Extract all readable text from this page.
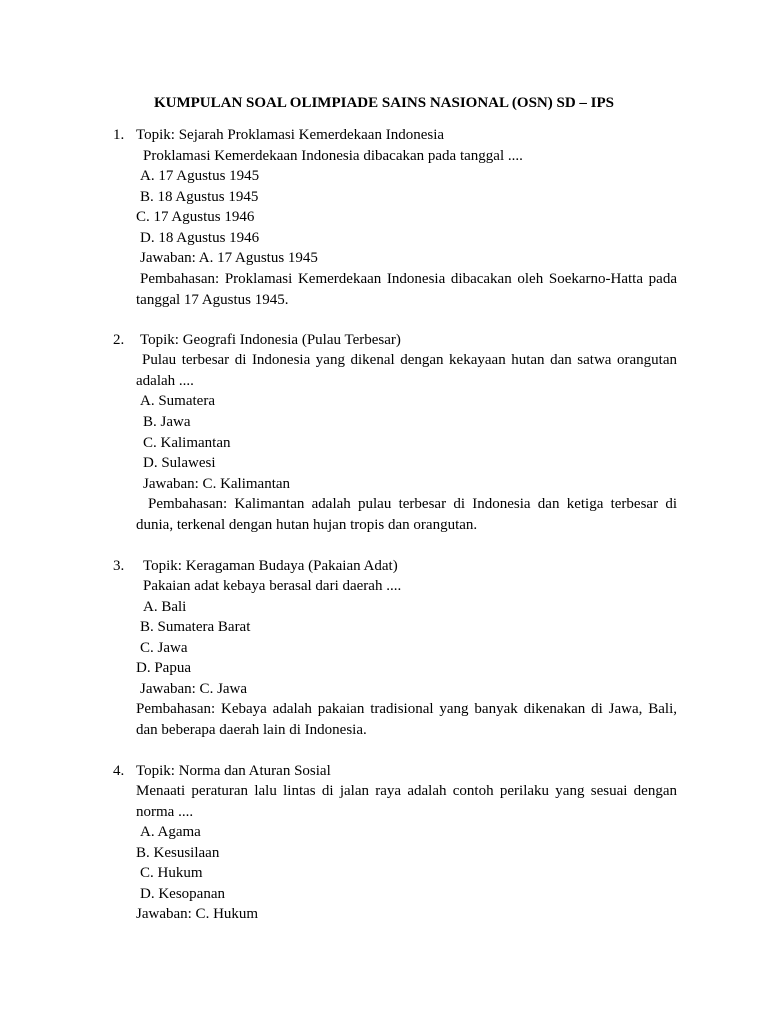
KUMPULAN SOAL OLIMPIADE SAINS NASIONAL (OSN) SD – IPS
1. Topik: Sejarah Proklamasi Kemerdekaan Indonesia
Proklamasi Kemerdekaan Indonesia dibacakan pada tanggal ....
A. 17 Agustus 1945
B. 18 Agustus 1945
C. 17 Agustus 1946
D. 18 Agustus 1946
Jawaban: A. 17 Agustus 1945
Pembahasan: Proklamasi Kemerdekaan Indonesia dibacakan oleh Soekarno-Hatta pada tanggal 17 Agustus 1945.
2. Topik: Geografi Indonesia (Pulau Terbesar)
Pulau terbesar di Indonesia yang dikenal dengan kekayaan hutan dan satwa orangutan adalah ....
A. Sumatera
B. Jawa
C. Kalimantan
D. Sulawesi
Jawaban: C. Kalimantan
Pembahasan: Kalimantan adalah pulau terbesar di Indonesia dan ketiga terbesar di dunia, terkenal dengan hutan hujan tropis dan orangutan.
3. Topik: Keragaman Budaya (Pakaian Adat)
Pakaian adat kebaya berasal dari daerah ....
A. Bali
B. Sumatera Barat
C. Jawa
D. Papua
Jawaban: C. Jawa
Pembahasan: Kebaya adalah pakaian tradisional yang banyak dikenakan di Jawa, Bali, dan beberapa daerah lain di Indonesia.
4. Topik: Norma dan Aturan Sosial
Menaati peraturan lalu lintas di jalan raya adalah contoh perilaku yang sesuai dengan norma ....
A. Agama
B. Kesusilaan
C. Hukum
D. Kesopanan
Jawaban: C. Hukum
